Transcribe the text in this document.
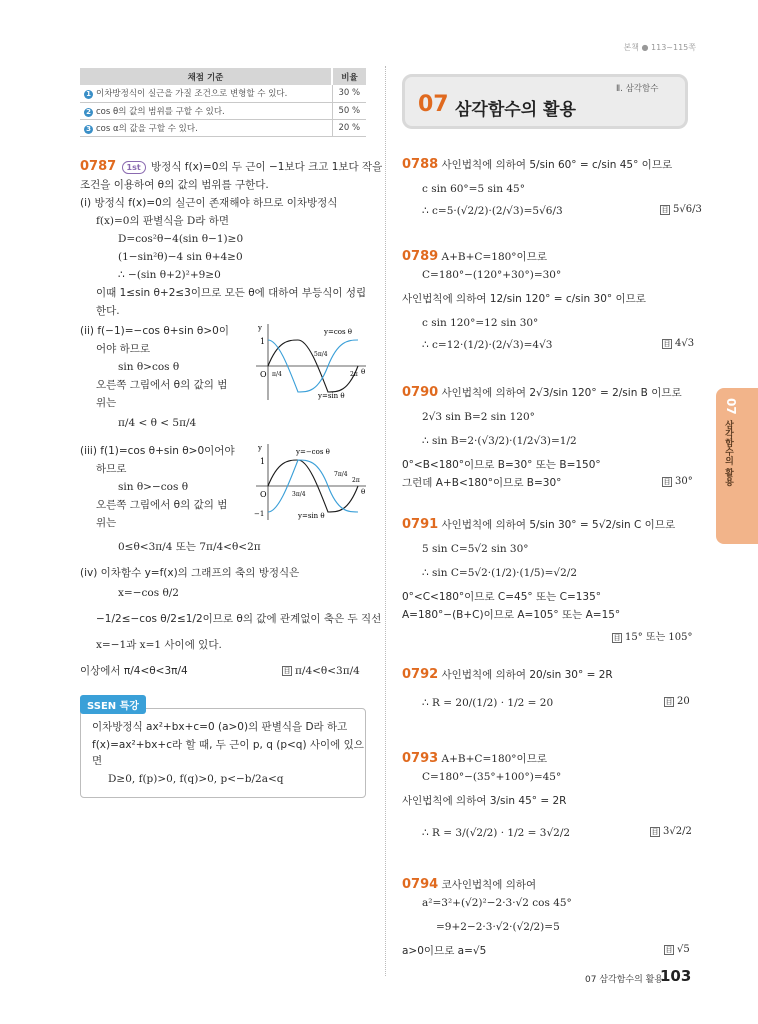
본책 ● 113~115쪽
채점 기준	비율
1 이차방정식이 실근을 가질 조건으로 변형할 수 있다.	30 %
2 cos θ의 값의 범위를 구할 수 있다.	50 %
3 cos α의 값을 구할 수 있다.	20 %
0787 1st 방정식 f(x)=0의 두 근이 −1보다 크고 1보다 작을
조건을 이용하여 θ의 값의 범위를 구한다.
(i) 방정식 f(x)=0의 실근이 존재해야 하므로 이차방정식
f(x)=0의 판별식을 D라 하면
D=cos²θ−4(sin θ−1)≥0
(1−sin²θ)−4 sin θ+4≥0
∴ −(sin θ+2)²+9≥0
이때 1≤sin θ+2≤3이므로 모든 θ에 대하여 부등식이 성립
한다.
(ii) f(−1)=−cos θ+sin θ>0이
어야 하므로
sin θ>cos θ
오른쪽 그림에서 θ의 값의 범
위는
π/4 < θ < 5π/4
1
O π/4
5π/4
2π
y=cos θ
y=sin θ
θ
y
(iii) f(1)=cos θ+sin θ>0이어야
하므로
sin θ>−cos θ
오른쪽 그림에서 θ의 값의 범
위는
0≤θ<3π/4 또는 7π/4<θ<2π
1
O
−1
3π/4
7π/4
2π
y=−cos θ
y=sin θ
θ
y
(iv) 이차함수 y=f(x)의 그래프의 축의 방정식은
x=−cos θ/2
−1/2≤−cos θ/2≤1/2이므로 θ의 값에 관계없이 축은 두 직선
x=−1과 x=1 사이에 있다.
이상에서 π/4<θ<3π/4	目 π/4<θ<3π/4
SSEN 특강
이차방정식 ax²+bx+c=0 (a>0)의 판별식을 D라 하고
f(x)=ax²+bx+c라 할 때, 두 근이 p, q (p<q) 사이에 있으
면
D≥0, f(p)>0, f(q)>0, p<−b/2a<q
07 삼각함수의 활용
Ⅱ. 삼각함수
0788 사인법칙에 의하여 5/sin 60° = c/sin 45° 이므로
c sin 60°=5 sin 45°
∴ c=5·(√2/2)·(2/√3)=5√6/3	目 5√6/3
0789 A+B+C=180°이므로
C=180°−(120°+30°)=30°
사인법칙에 의하여 12/sin 120° = c/sin 30° 이므로
c sin 120°=12 sin 30°
∴ c=12·(1/2)·(2/√3)=4√3	目 4√3
0790 사인법칙에 의하여 2√3/sin 120° = 2/sin B 이므로
2√3 sin B=2 sin 120°
∴ sin B=2·(√3/2)·(1/2√3)=1/2
0°<B<180°이므로 B=30° 또는 B=150°
그런데 A+B<180°이므로 B=30°	目 30°
0791 사인법칙에 의하여 5/sin 30° = 5√2/sin C 이므로
5 sin C=5√2 sin 30°
∴ sin C=5√2·(1/2)·(1/5)=√2/2
0°<C<180°이므로 C=45° 또는 C=135°
A=180°−(B+C)이므로 A=105° 또는 A=15°
目 15° 또는 105°
0792 사인법칙에 의하여 20/sin 30° = 2R
∴ R = 20/(1/2) · 1/2 = 20	目 20
0793 A+B+C=180°이므로
C=180°−(35°+100°)=45°
사인법칙에 의하여 3/sin 45° = 2R
∴ R = 3/(√2/2) · 1/2 = 3√2/2	目 3√2/2
0794 코사인법칙에 의하여
a²=3²+(√2)²−2·3·√2 cos 45°
=9+2−2·3·√2·(√2/2)=5
a>0이므로 a=√5	目 √5
07
삼각함수의 활용
07 삼각함수의 활용
103
